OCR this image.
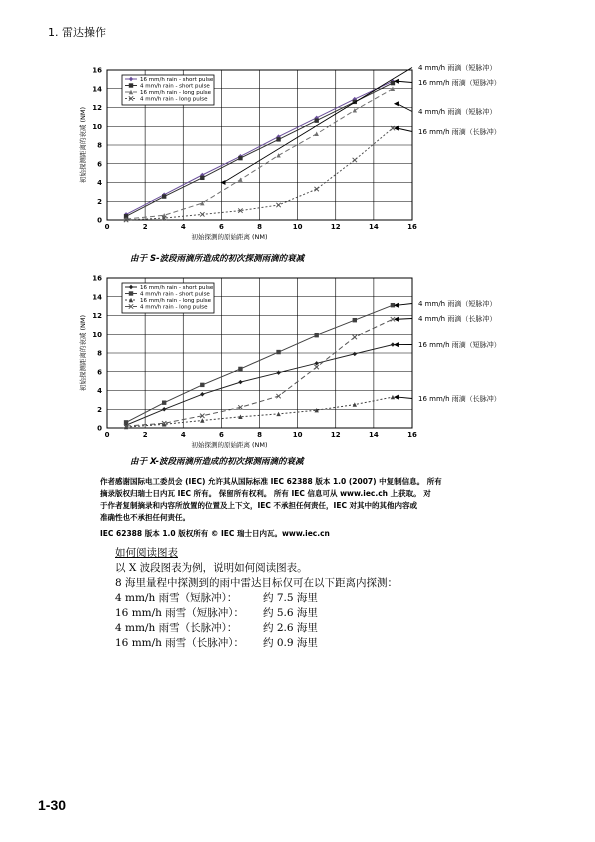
1. 雷达操作
0	2	4	6	8	10	12	14	16
0
2
4
6
8
10
12
14
16
初始探测的原始距离 (NM)
初始探测距离的衰减 (NM)
16 mm/h rain - short pulse
4 mm/h rain - short pulse
16 mm/h rain - long pulse
4 mm/h rain - long pulse
4 mm/h 雨滴（短脉冲）
16 mm/h 雨滴（短脉冲）
4 mm/h 雨滴（短脉冲）
16 mm/h 雨滴（长脉冲）
由于 S-波段雨滴所造成的初次探测雨滴的衰减
0	2	4	6	8	10	12	14	16
0
2
4
6
8
10
12
14
16
初始探测的原始距离 (NM)
初始探测距离的衰减 (NM)
16 mm/h rain - short pulse
4 mm/h rain - short pulse
16 mm/h rain - long pulse
4 mm/h rain - long pulse	4 mm/h 雨滴（短脉冲）
4 mm/h 雨滴（长脉冲）
16 mm/h 雨滴（短脉冲）
16 mm/h 雨滴（长脉冲）
由于 X-波段雨滴所造成的初次探测雨滴的衰减
作者感谢国际电工委员会 (IEC) 允许其从国际标准 IEC 62388 版本 1.0 (2007) 中复制信息。 所有
摘录版权归瑞士日内瓦 IEC 所有。 保留所有权利。 所有 IEC 信息可从 www.iec.ch 上获取。 对
于作者复制摘录和内容所放置的位置及上下文，IEC 不承担任何责任，IEC 对其中的其他内容或
准确性也不承担任何责任。
IEC 62388 版本 1.0 版权所有 © IEC 瑞士日内瓦。www.iec.cn
如何阅读图表
以 X 波段图表为例，说明如何阅读图表。
8 海里量程中探测到的雨中雷达目标仅可在以下距离内探测：
4 mm/h 雨雪（短脉冲）：	约 7.5 海里
16 mm/h 雨雪（短脉冲）：	约 5.6 海里
4 mm/h 雨雪（长脉冲）：	约 2.6 海里
16 mm/h 雨雪（长脉冲）：	约 0.9 海里
1-30
